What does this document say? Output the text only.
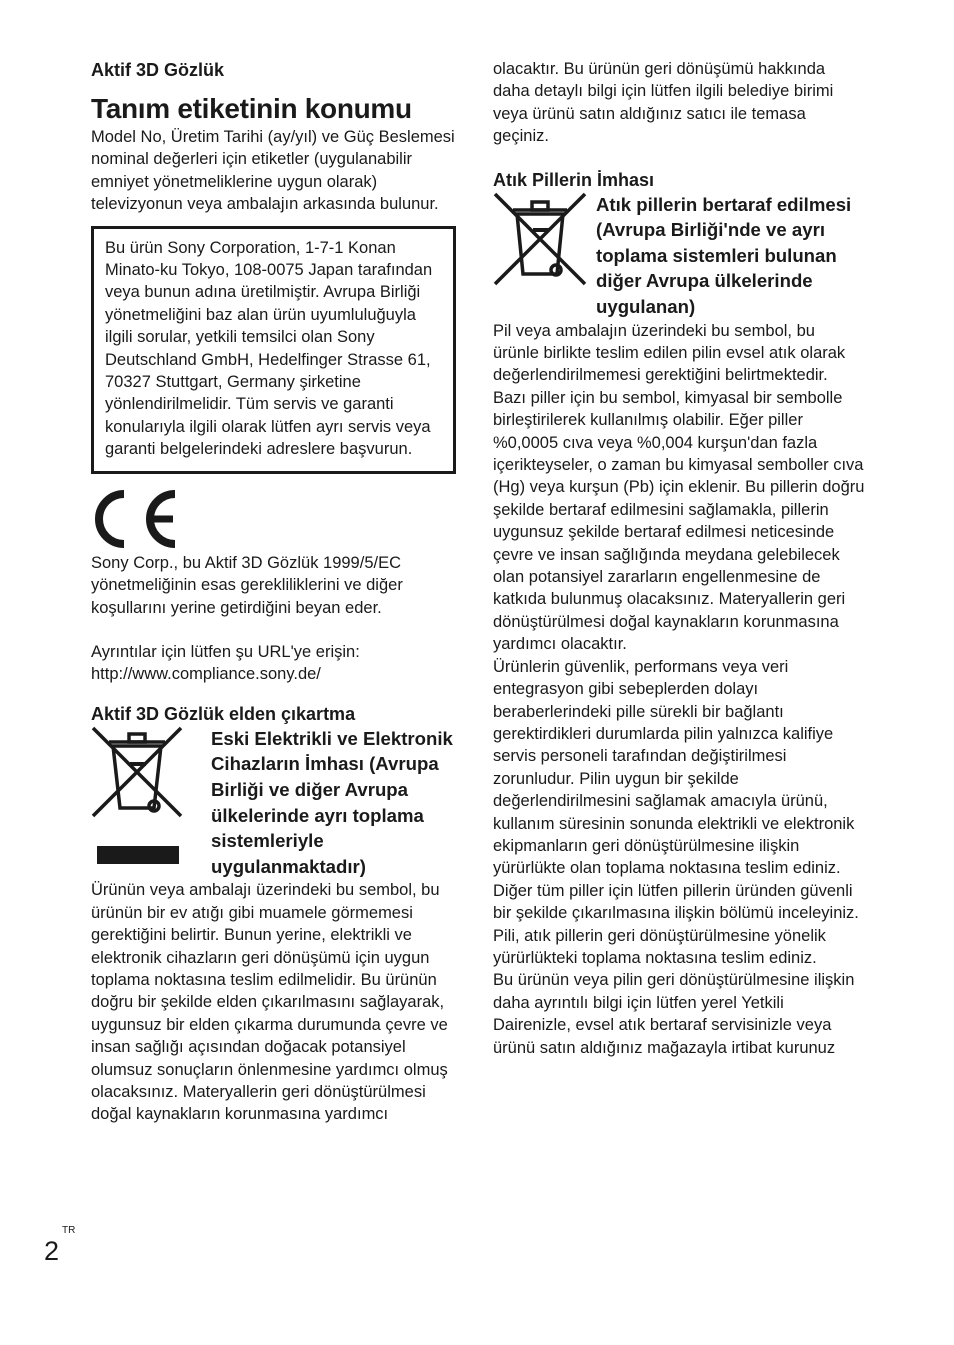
Aktif 3D Gözlük

Tanım etiketinin konumu

Model No, Üretim Tarihi (ay/yıl) ve Güç Beslemesi nominal değerleri için etiketler (uygulanabilir emniyet yönetmeliklerine uygun olarak) televizyonun veya ambalajın arkasında bulunur.

Bu ürün Sony Corporation, 1-7-1 Konan Minato-ku Tokyo, 108-0075 Japan tarafından veya bunun adına üretilmiştir. Avrupa Birliği yönetmeliğini baz alan ürün uyumluluğuyla ilgili sorular, yetkili temsilci olan Sony Deutschland GmbH, Hedelfinger Strasse 61, 70327 Stuttgart, Germany şirketine yönlendirilmelidir. Tüm servis ve garanti konularıyla ilgili olarak lütfen ayrı servis veya garanti belgelerindeki adreslere başvurun.

Sony Corp., bu Aktif 3D Gözlük 1999/5/EC yönetmeliğinin esas gerekliliklerini ve diğer koşullarını yerine getirdiğini beyan eder.

Ayrıntılar için lütfen şu URL'ye erişin: http://www.compliance.sony.de/

Aktif 3D Gözlük elden çıkartma

Eski Elektrikli ve Elektronik Cihazların İmhası (Avrupa Birliği ve diğer Avrupa ülkelerinde ayrı toplama sistemleriyle uygulanmaktadır)

Ürünün veya ambalajı üzerindeki bu sembol, bu ürünün bir ev atığı gibi muamele görmemesi gerektiğini belirtir. Bunun yerine, elektrikli ve elektronik cihazların geri dönüşümü için uygun toplama noktasına teslim edilmelidir. Bu ürünün doğru bir şekilde elden çıkarılmasını sağlayarak, uygunsuz bir elden çıkarma durumunda çevre ve insan sağlığı açısından doğacak potansiyel olumsuz sonuçların önlenmesine yardımcı olmuş olacaksınız. Materyallerin geri dönüştürülmesi doğal kaynakların korunmasına yardımcı

olacaktır. Bu ürünün geri dönüşümü hakkında daha detaylı bilgi için lütfen ilgili belediye birimi veya ürünü satın aldığınız satıcı ile temasa geçiniz.

Atık Pillerin İmhası

Atık pillerin bertaraf edilmesi (Avrupa Birliği'nde ve ayrı toplama sistemleri bulunan diğer Avrupa ülkelerinde uygulanan)

Pil veya ambalajın üzerindeki bu sembol, bu ürünle birlikte teslim edilen pilin evsel atık olarak değerlendirilmemesi gerektiğini belirtmektedir.

Bazı piller için bu sembol, kimyasal bir sembolle birleştirilerek kullanılmış olabilir. Eğer piller %0,0005 cıva veya %0,004 kurşun'dan fazla içerikteyseler, o zaman bu kimyasal semboller cıva (Hg) veya kurşun (Pb) için eklenir. Bu pillerin doğru şekilde bertaraf edilmesini sağlamakla, pillerin uygunsuz şekilde bertaraf edilmesi neticesinde çevre ve insan sağlığında meydana gelebilecek olan potansiyel zararların engellenmesine de katkıda bulunmuş olacaksınız. Materyallerin geri dönüştürülmesi doğal kaynakların korunmasına yardımcı olacaktır.

Ürünlerin güvenlik, performans veya veri entegrasyon gibi sebeplerden dolayı beraberlerindeki pille sürekli bir bağlantı gerektirdikleri durumlarda pilin yalnızca kalifiye servis personeli tarafından değiştirilmesi zorunludur. Pilin uygun bir şekilde değerlendirilmesini sağlamak amacıyla ürünü, kullanım süresinin sonunda elektrikli ve elektronik ekipmanların geri dönüştürülmesine ilişkin yürürlükte olan toplama noktasına teslim ediniz.

Diğer tüm piller için lütfen pillerin üründen güvenli bir şekilde çıkarılmasına ilişkin bölümü inceleyiniz. Pili, atık pillerin geri dönüştürülmesine yönelik yürürlükteki toplama noktasına teslim ediniz.

Bu ürünün veya pilin geri dönüştürülmesine ilişkin daha ayrıntılı bilgi için lütfen yerel Yetkili Dairenizle, evsel atık bertaraf servisinizle veya ürünü satın aldığınız mağazayla irtibat kurunuz

TR
2
